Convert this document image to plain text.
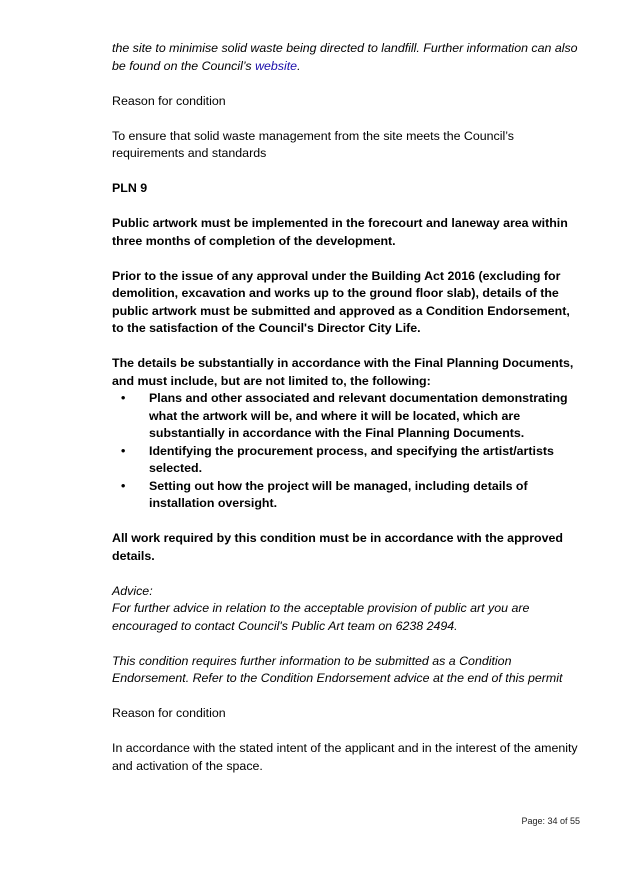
the site to minimise solid waste being directed to landfill. Further information can also be found on the Council’s website.

Reason for condition

To ensure that solid waste management from the site meets the Council’s requirements and standards

PLN 9

Public artwork must be implemented in the forecourt and laneway area within three months of completion of the development.

Prior to the issue of any approval under the Building Act 2016 (excluding for demolition, excavation and works up to the ground floor slab), details of the public artwork must be submitted and approved as a Condition Endorsement, to the satisfaction of the Council's Director City Life.

The details be substantially in accordance with the Final Planning Documents, and must include, but are not limited to, the following:

• Plans and other associated and relevant documentation demonstrating what the artwork will be, and where it will be located, which are substantially in accordance with the Final Planning Documents.
• Identifying the procurement process, and specifying the artist/artists selected.
• Setting out how the project will be managed, including details of installation oversight.

All work required by this condition must be in accordance with the approved details.

Advice:

For further advice in relation to the acceptable provision of public art you are encouraged to contact Council's Public Art team on 6238 2494.

This condition requires further information to be submitted as a Condition Endorsement. Refer to the Condition Endorsement advice at the end of this permit

Reason for condition

In accordance with the stated intent of the applicant and in the interest of the amenity and activation of the space.

Page: 34 of 55
